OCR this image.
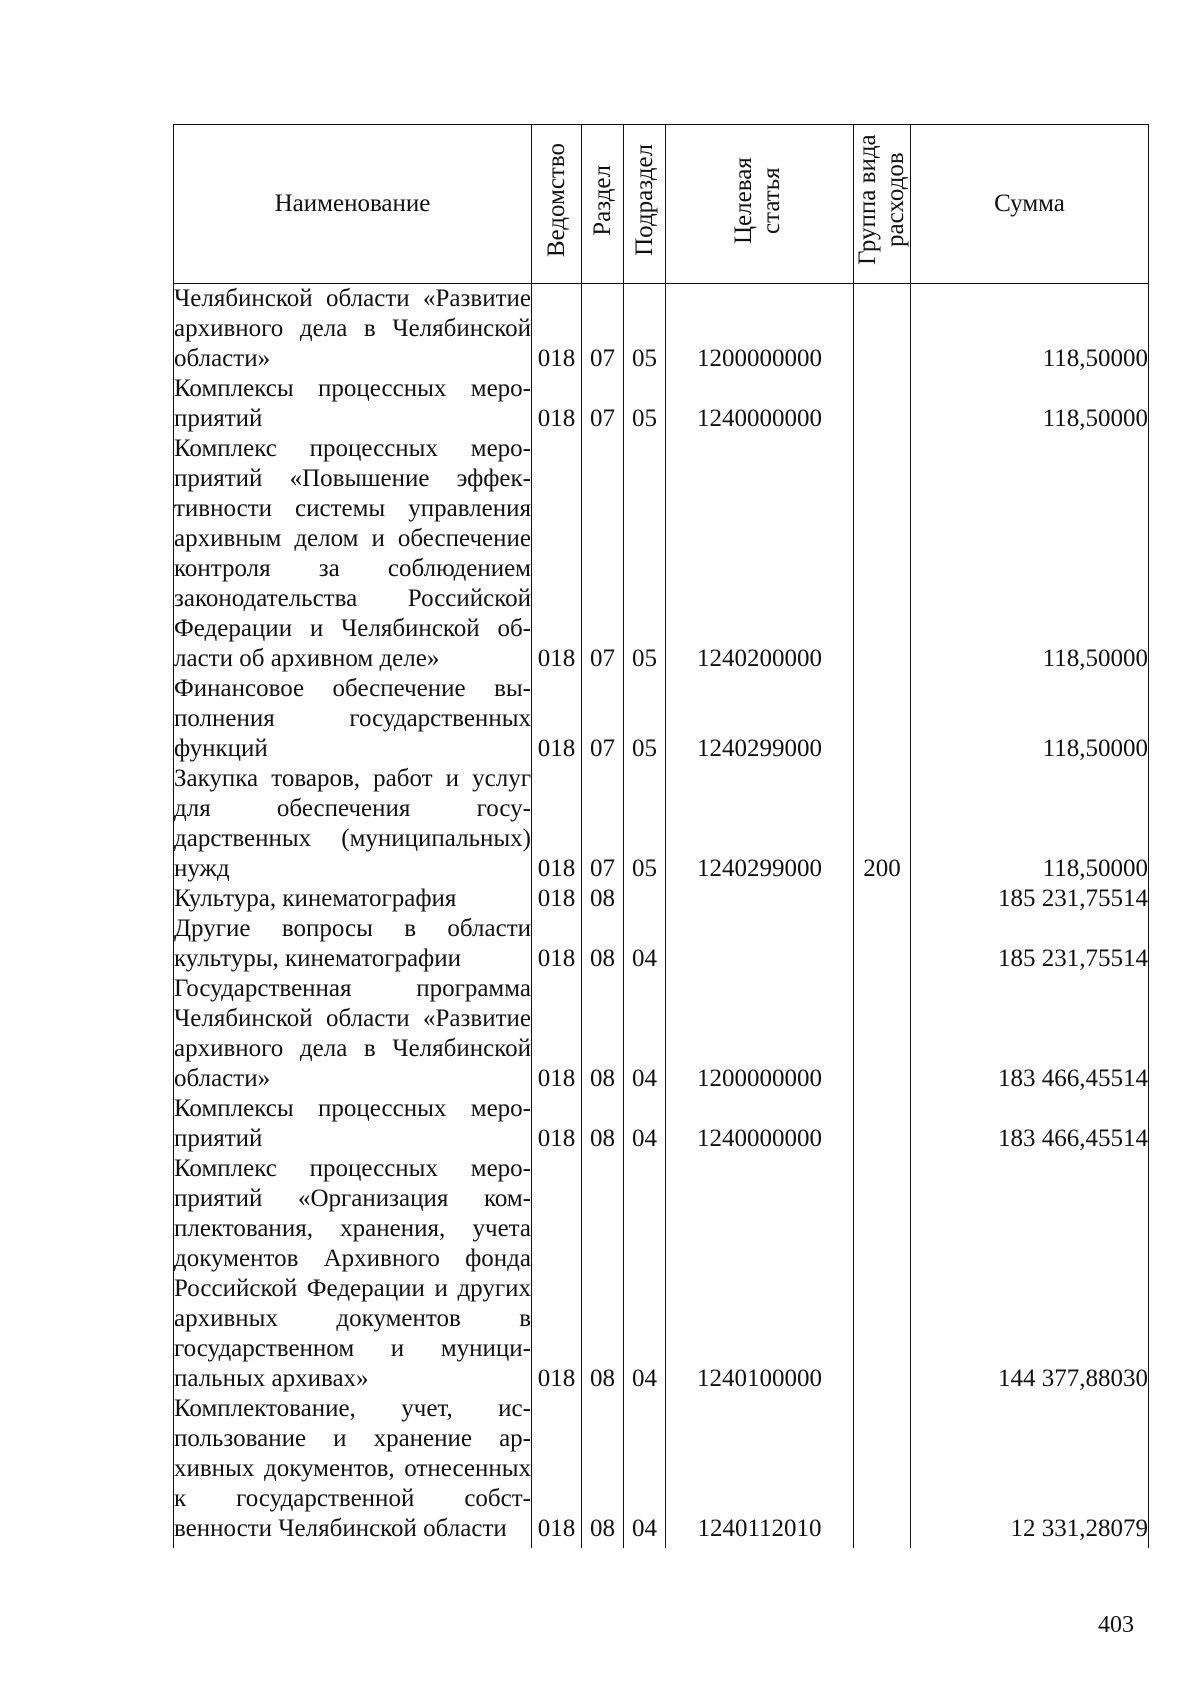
Наименование	Ведомство	Раздел	Подраздел	Целевая статья	Группа вида расходов	Сумма
Челябинской области «Развитие архивного дела в Челябинской области»	018	07	05	1200000000		118,50000
Комплексы процессных мероприятий	018	07	05	1240000000		118,50000
Комплекс процессных мероприятий «Повышение эффективности системы управления архивным делом и обеспечение контроля за соблюдением законодательства Российской Федерации и Челябинской области об архивном деле»	018	07	05	1240200000		118,50000
Финансовое обеспечение выполнения государственных функций	018	07	05	1240299000		118,50000
Закупка товаров, работ и услуг для обеспечения государственных (муниципальных) нужд	018	07	05	1240299000	200	118,50000
Культура, кинематография	018	08				185 231,75514
Другие вопросы в области культуры, кинематографии	018	08	04			185 231,75514
Государственная программа Челябинской области «Развитие архивного дела в Челябинской области»	018	08	04	1200000000		183 466,45514
Комплексы процессных мероприятий	018	08	04	1240000000		183 466,45514
Комплекс процессных мероприятий «Организация комплектования, хранения, учета документов Архивного фонда Российской Федерации и других архивных документов в государственном и муниципальных архивах»	018	08	04	1240100000		144 377,88030
Комплектование, учет, использование и хранение архивных документов, отнесенных к государственной собственности Челябинской области	018	08	04	1240112010		12 331,28079
403
